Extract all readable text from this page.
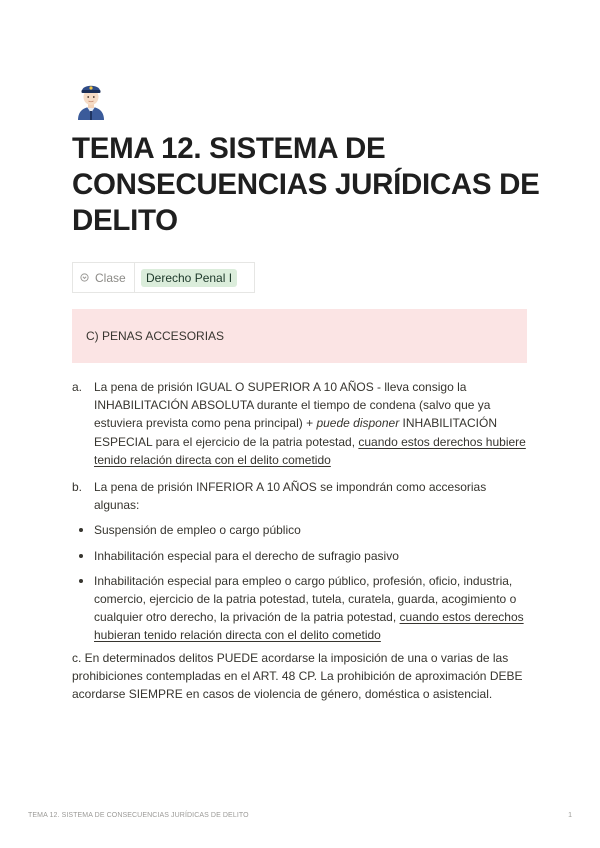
TEMA 12. SISTEMA DE CONSECUENCIAS JURÍDICAS DE DELITO
Clase	Derecho Penal I
C) PENAS ACCESORIAS
a. La pena de prisión IGUAL O SUPERIOR A 10 AÑOS - lleva consigo la INHABILITACIÓN ABSOLUTA durante el tiempo de condena (salvo que ya estuviera prevista como pena principal) + puede disponer INHABILITACIÓN ESPECIAL para el ejercicio de la patria potestad, cuando estos derechos hubiere tenido relación directa con el delito cometido
b. La pena de prisión INFERIOR A 10 AÑOS se impondrán como accesorias algunas:
Suspensión de empleo o cargo público
Inhabilitación especial para el derecho de sufragio pasivo
Inhabilitación especial para empleo o cargo público, profesión, oficio, industria, comercio, ejercicio de la patria potestad, tutela, curatela, guarda, acogimiento o cualquier otro derecho, la privación de la patria potestad, cuando estos derechos hubieran tenido relación directa con el delito cometido

c. En determinados delitos PUEDE acordarse la imposición de una o varias de las prohibiciones contempladas en el ART. 48 CP. La prohibición de aproximación DEBE acordarse SIEMPRE en casos de violencia de género, doméstica o asistencial.

TEMA 12. SISTEMA DE CONSECUENCIAS JURÍDICAS DE DELITO	1
